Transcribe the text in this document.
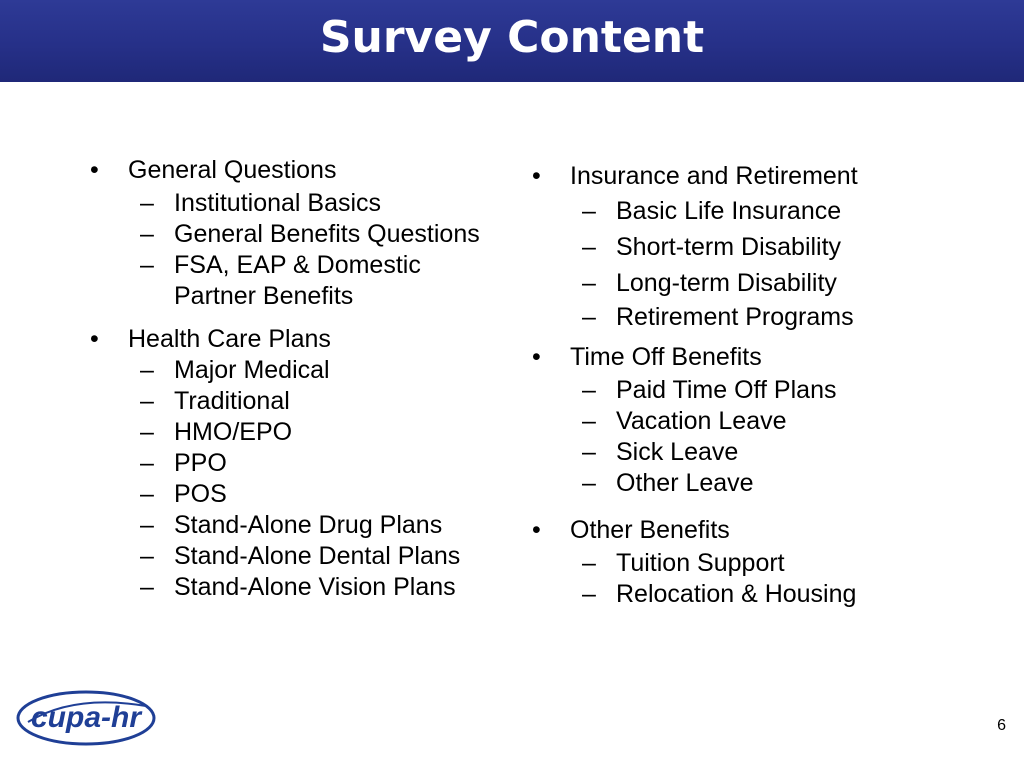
Survey Content
• General Questions
– Institutional Basics
– General Benefits Questions
– FSA, EAP & Domestic Partner Benefits
• Health Care Plans
– Major Medical
– Traditional
– HMO/EPO
– PPO
– POS
– Stand-Alone Drug Plans
– Stand-Alone Dental Plans
– Stand-Alone Vision Plans
• Insurance and Retirement
– Basic Life Insurance
– Short-term Disability
– Long-term Disability
– Retirement Programs
• Time Off Benefits
– Paid Time Off Plans
– Vacation Leave
– Sick Leave
– Other Leave
• Other Benefits
– Tuition Support
– Relocation & Housing
cupa-hr	6
